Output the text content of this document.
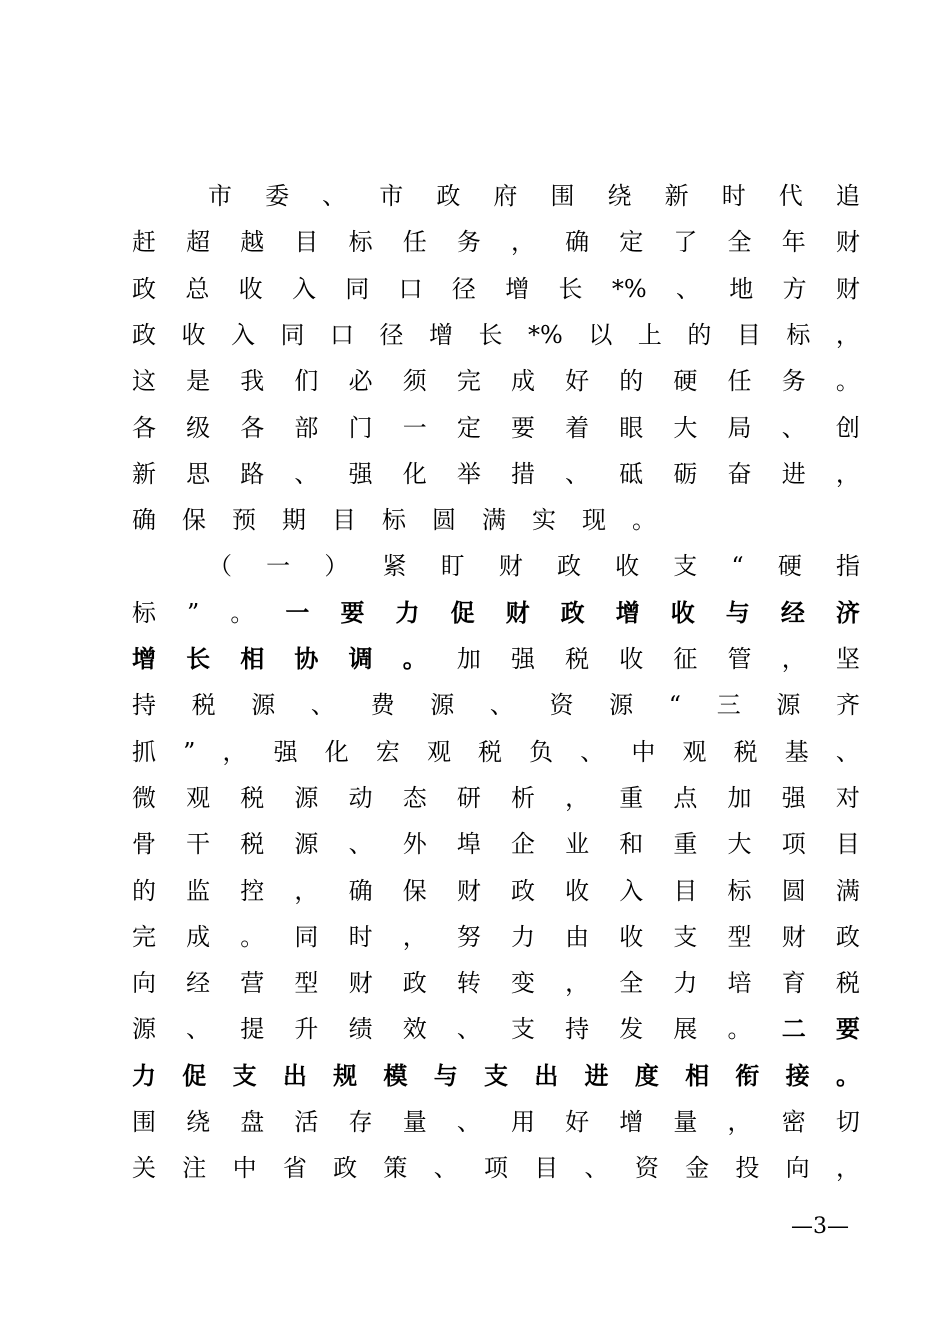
市 委 、 市 政 府 围 绕 新 时 代 追
赶 超 越 目 标 任 务 ， 确 定 了 全 年 财
政 总 收 入 同 口 径 增 长 *% 、 地 方 财
政 收 入 同 口 径 增 长 *% 以 上 的 目 标 ，
这 是 我 们 必 须 完 成 好 的 硬 任 务 。
各 级 各 部 门 一 定 要 着 眼 大 局 、 创
新 思 路 、 强 化 举 措 、 砥 砺 奋 进 ，
确保预期目标圆满实现。
（ 一 ） 紧 盯 财 政 收 支 “ 硬 指
标 ” 。 一 要 力 促 财 政 增 收 与 经 济
增 长 相 协 调 。 加 强 税 收 征 管 ， 坚
持 税 源 、 费 源 、 资 源 “ 三 源 齐
抓 ” ， 强 化 宏 观 税 负 、 中 观 税 基 、
微 观 税 源 动 态 研 析 ， 重 点 加 强 对
骨 干 税 源 、 外 埠 企 业 和 重 大 项 目
的 监 控 ， 确 保 财 政 收 入 目 标 圆 满
完 成 。 同 时 ， 努 力 由 收 支 型 财 政
向 经 营 型 财 政 转 变 ， 全 力 培 育 税
源 、 提 升 绩 效 、 支 持 发 展 。 二 要
力 促 支 出 规 模 与 支 出 进 度 相 衔 接 。
围 绕 盘 活 存 量 、 用 好 增 量 ， 密 切
关 注 中 省 政 策 、 项 目 、 资 金 投 向 ，
—3—
